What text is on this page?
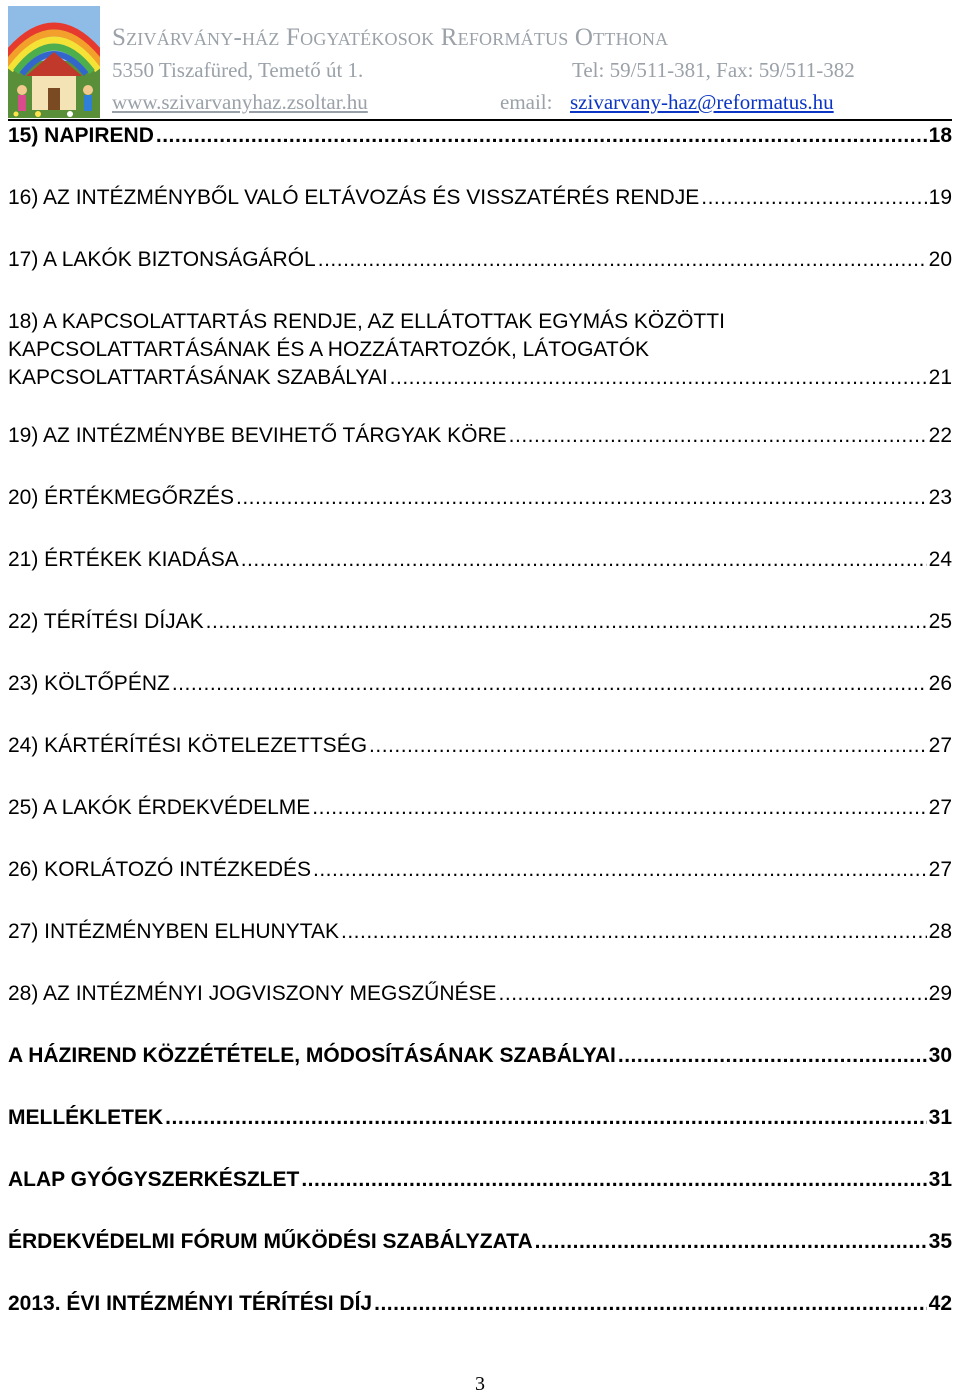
Szivárvány-ház Fogyatékosok Református Otthona
5350 Tiszafüred, Temető út 1.	Tel: 59/511-381, Fax: 59/511-382
www.szivarvanyhaz.zsoltar.hu	email: szivarvany-haz@reformatus.hu
15) NAPIREND .....	18
16) AZ INTÉZMÉNYBŐL VALÓ ELTÁVOZÁS ÉS VISSZATÉRÉS RENDJE .....	19
17) A LAKÓK BIZTONSÁGÁRÓL .....	20
18) A KAPCSOLATTARTÁS RENDJE, AZ ELLÁTOTTAK EGYMÁS KÖZÖTTI
KAPCSOLATTARTÁSÁNAK ÉS A HOZZÁTARTOZÓK, LÁTOGATÓK
KAPCSOLATTARTÁSÁNAK SZABÁLYAI .....	21
19) AZ INTÉZMÉNYBE BEVIHETŐ TÁRGYAK KÖRE .....	22
20) ÉRTÉKMEGŐRZÉS .....	23
21) ÉRTÉKEK KIADÁSA .....	24
22) TÉRÍTÉSI DÍJAK .....	25
23) KÖLTŐPÉNZ .....	26
24) KÁRTÉRÍTÉSI KÖTELEZETTSÉG .....	27
25) A LAKÓK ÉRDEKVÉDELME .....	27
26) KORLÁTOZÓ INTÉZKEDÉS .....	27
27) INTÉZMÉNYBEN ELHUNYTAK .....	28
28) AZ INTÉZMÉNYI JOGVISZONY MEGSZŰNÉSE .....	29
A HÁZIREND KÖZZÉTÉTELE, MÓDOSÍTÁSÁNAK SZABÁLYAI .....	30
MELLÉKLETEK .....	31
ALAP GYÓGYSZERKÉSZLET .....	31
ÉRDEKVÉDELMI FÓRUM MŰKÖDÉSI SZABÁLYZATA .....	35
2013. ÉVI INTÉZMÉNYI TÉRÍTÉSI DÍJ .....	42
3
